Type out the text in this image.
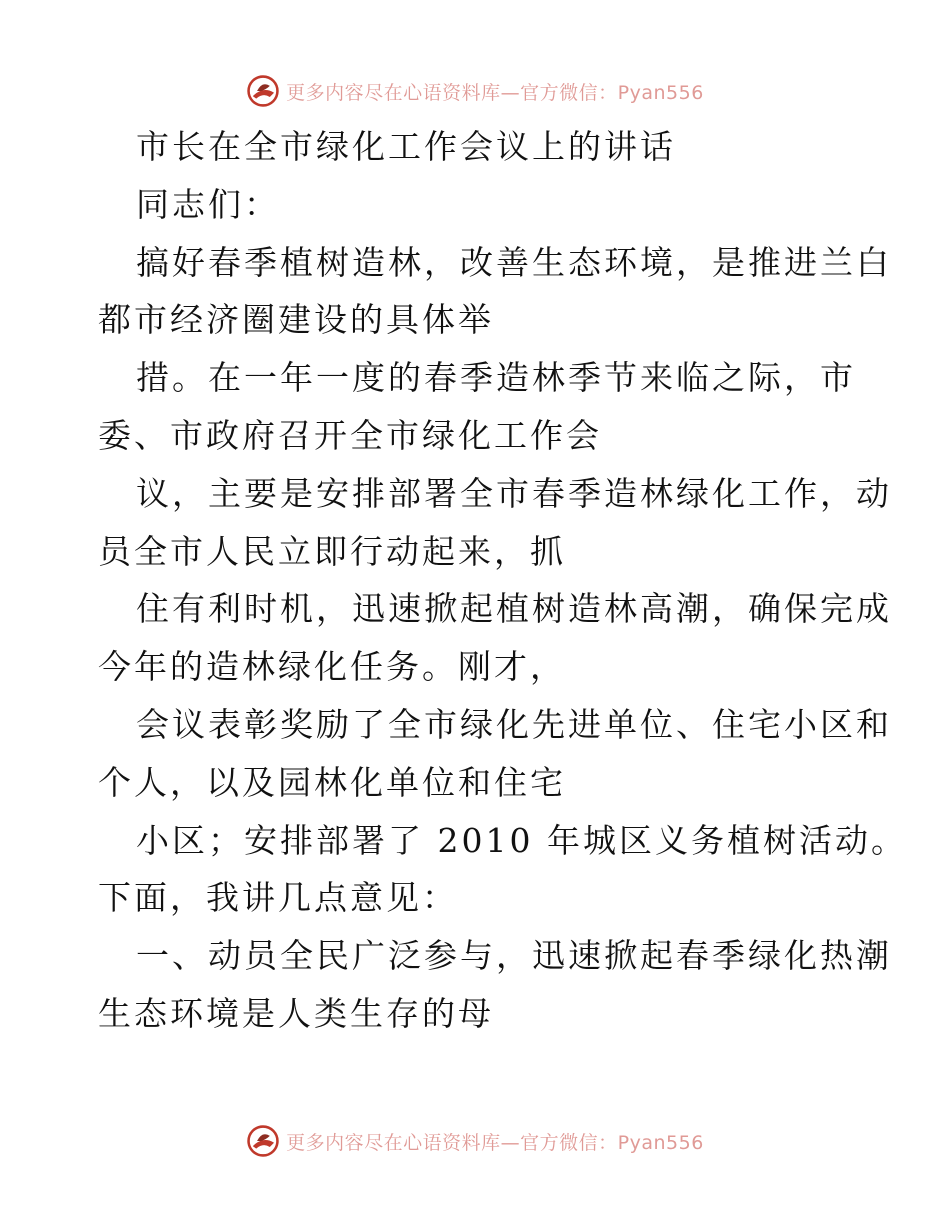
更多内容尽在心语资料库—官方微信：Pyan556
市长在全市绿化工作会议上的讲话
同志们：
搞好春季植树造林，改善生态环境，是推进兰白
都市经济圈建设的具体举
措。在一年一度的春季造林季节来临之际，市
委、市政府召开全市绿化工作会
议，主要是安排部署全市春季造林绿化工作，动
员全市人民立即行动起来，抓
住有利时机，迅速掀起植树造林高潮，确保完成
今年的造林绿化任务。刚才，
会议表彰奖励了全市绿化先进单位、住宅小区和
个人，以及园林化单位和住宅
小区；安排部署了 2010 年城区义务植树活动。
下面，我讲几点意见：
一、动员全民广泛参与，迅速掀起春季绿化热潮
生态环境是人类生存的母
更多内容尽在心语资料库—官方微信：Pyan556
